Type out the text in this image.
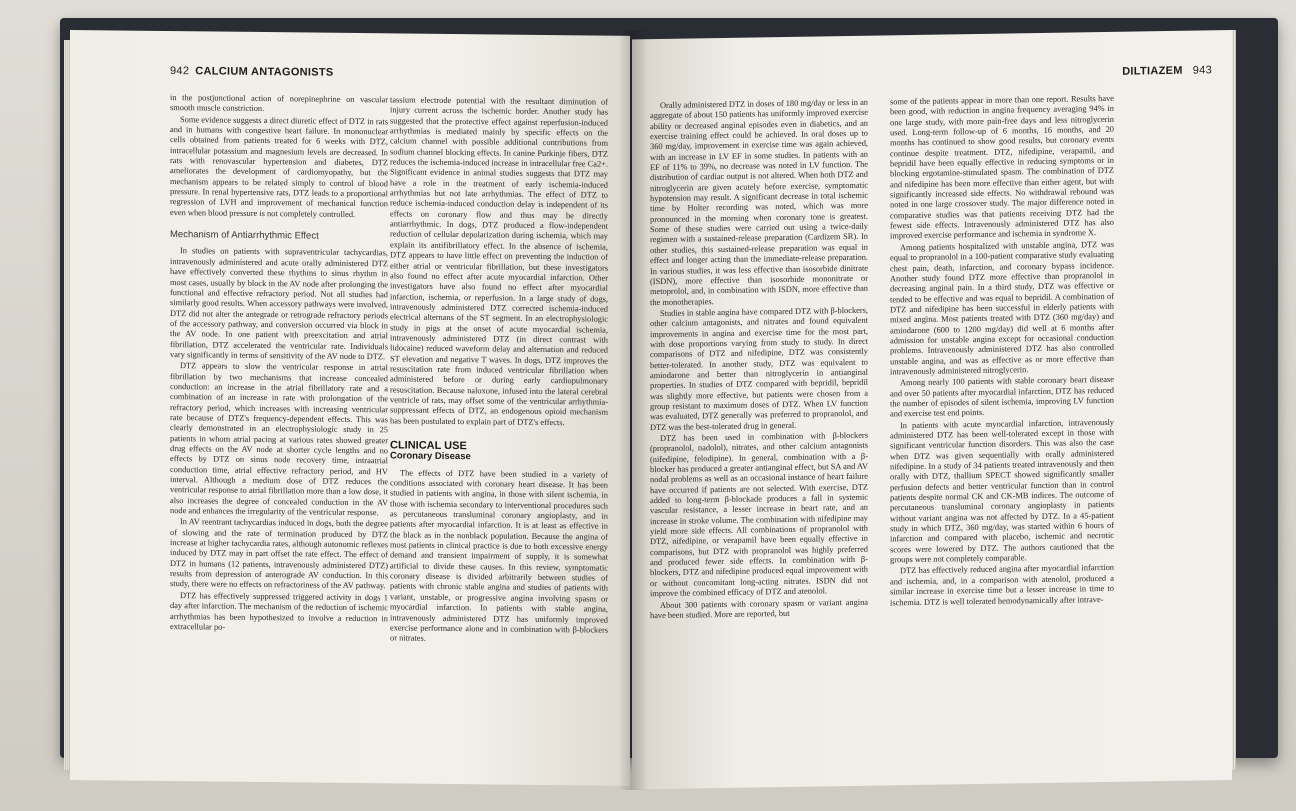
942 CALCIUM ANTAGONISTS

in the postjunctional action of norepinephrine on vascular smooth muscle constriction.

Some evidence suggests a direct diuretic effect of DTZ in rats and in humans with congestive heart failure. In mononuclear cells obtained from patients treated for 6 weeks with DTZ, intracellular potassium and magnesium levels are decreased. In rats with renovascular hypertension and diabetes, DTZ ameliorates the development of cardiomyopathy, but the mechanism appears to be related simply to control of blood pressure. In renal hypertensive rats, DTZ leads to a proportional regression of LVH and improvement of mechanical function even when blood pressure is not completely controlled.

Mechanism of Antiarrhythmic Effect

In studies on patients with supraventricular tachycardias, intravenously administered and acute orally administered DTZ have effectively converted these rhythms to sinus rhythm in most cases, usually by block in the AV node after prolonging the functional and effective refractory period. Not all studies had similarly good results. When accessory pathways were involved, DTZ did not alter the antegrade or retrograde refractory periods of the accessory pathway, and conversion occurred via block in the AV node. In one patient with preexcitation and atrial fibrillation, DTZ accelerated the ventricular rate. Individuals vary significantly in terms of sensitivity of the AV node to DTZ.

DTZ appears to slow the ventricular response in atrial fibrillation by two mechanisms that increase concealed conduction: an increase in the atrial fibrillatory rate and a combination of an increase in rate with prolongation of the refractory period, which increases with increasing ventricular rate because of DTZ's frequency-dependent effects. This was clearly demonstrated in an electrophysiologic study in 25 patients in whom atrial pacing at various rates showed greater drug effects on the AV node at shorter cycle lengths and no effects by DTZ on sinus node recovery time, intraatrial conduction time, atrial effective refractory period, and HV interval. Although a medium dose of DTZ reduces the ventricular response to atrial fibrillation more than a low dose, it also increases the degree of concealed conduction in the AV node and enhances the irregularity of the ventricular response.

In AV reentrant tachycardias induced in dogs, both the degree of slowing and the rate of termination produced by DTZ increase at higher tachycardia rates, although autonomic reflexes induced by DTZ may in part offset the rate effect. The effect of DTZ in humans (12 patients, intravenously administered DTZ) results from depression of anterograde AV conduction. In this study, there were no effects on refractoriness of the AV pathway.

DTZ has effectively suppressed triggered activity in dogs 1 day after infarction. The mechanism of the reduction of ischemic arrhythmias has been hypothesized to involve a reduction in extracellular po-

tassium electrode potential with the resultant diminution of injury current across the ischemic border. Another study has suggested that the protective effect against reperfusion-induced arrhythmias is mediated mainly by specific effects on the calcium channel with possible additional contributions from sodium channel blocking effects. In canine Purkinje fibers, DTZ reduces the ischemia-induced increase in intracellular free Ca2+. Significant evidence in animal studies suggests that DTZ may have a role in the treatment of early ischemia-induced arrhythmias but not late arrhythmias. The effect of DTZ to reduce ischemia-induced conduction delay is independent of its effects on coronary flow and thus may be directly antiarrhythmic. In dogs, DTZ produced a flow-independent reduction of cellular depolarization during ischemia, which may explain its antifibrillatory effect. In the absence of ischemia, DTZ appears to have little effect on preventing the induction of either atrial or ventricular fibrillation, but these investigators also found no effect after acute myocardial infarction. Other investigators have also found no effect after myocardial infarction, ischemia, or reperfusion. In a large study of dogs, intravenously administered DTZ corrected ischemia-induced electrical alternans of the ST segment. In an electrophysiologic study in pigs at the onset of acute myocardial ischemia, intravenously administered DTZ (in direct contrast with lidocaine) reduced waveform delay and alternation and reduced ST elevation and negative T waves. In dogs, DTZ improves the resuscitation rate from induced ventricular fibrillation when administered before or during early cardiopulmonary resuscitation. Because naloxone, infused into the lateral cerebral ventricle of rats, may offset some of the ventricular arrhythmia-suppressant effects of DTZ, an endogenous opioid mechanism has been postulated to explain part of DTZ's effects.

CLINICAL USE
Coronary Disease

The effects of DTZ have been studied in a variety of conditions associated with coronary heart disease. It has been studied in patients with angina, in those with silent ischemia, in those with ischemia secondary to interventional procedures such as percutaneous transluminal coronary angioplasty, and in patients after myocardial infarction. It is at least as effective in the black as in the nonblack population. Because the angina of most patients in clinical practice is due to both excessive energy demand and transient impairment of supply, it is somewhat artificial to divide these causes. In this review, symptomatic coronary disease is divided arbitrarily between studies of patients with chronic stable angina and studies of patients with variant, unstable, or progressive angina involving spasm or myocardial infarction. In patients with stable angina, intravenously administered DTZ has uniformly improved exercise performance alone and in combination with β-blockers or nitrates.

DILTIAZEM 943

Orally administered DTZ in doses of 180 mg/day or less in an aggregate of about 150 patients has uniformly improved exercise ability or decreased anginal episodes even in diabetics, and an exercise training effect could be achieved. In oral doses up to 360 mg/day, improvement in exercise time was again achieved, with an increase in LV EF in some studies. In patients with an EF of 11% to 39%, no decrease was noted in LV function. The distribution of cardiac output is not altered. When both DTZ and nitroglycerin are given acutely before exercise, symptomatic hypotension may result. A significant decrease in total ischemic time by Holter recording was noted, which was more pronounced in the morning when coronary tone is greatest. Some of these studies were carried out using a twice-daily regimen with a sustained-release preparation (Cardizem SR). In other studies, this sustained-release preparation was equal in effect and longer acting than the immediate-release preparation. In various studies, it was less effective than isosorbide dinitrate (ISDN), more effective than isosorbide mononitrate or metoprolol, and, in combination with ISDN, more effective than the monotherapies.

Studies in stable angina have compared DTZ with β-blockers, other calcium antagonists, and nitrates and found equivalent improvements in angina and exercise time for the most part, with dose proportions varying from study to study. In direct comparisons of DTZ and nifedipine, DTZ was consistently better-tolerated. In another study, DTZ was equivalent to amiodarone and better than nitroglycerin in antianginal properties. In studies of DTZ compared with bepridil, bepridil was slightly more effective, but patients were chosen from a group resistant to maximum doses of DTZ. When LV function was evaluated, DTZ generally was preferred to propranolol, and DTZ was the best-tolerated drug in general.

DTZ has been used in combination with β-blockers (propranolol, nadolol), nitrates, and other calcium antagonists (nifedipine, felodipine). In general, combination with a β-blocker has produced a greater antianginal effect, but SA and AV nodal problems as well as an occasional instance of heart failure have occurred if patients are not selected. With exercise, DTZ added to long-term β-blockade produces a fall in systemic vascular resistance, a lesser increase in heart rate, and an increase in stroke volume. The combination with nifedipine may yield more side effects. All combinations of propranolol with DTZ, nifedipine, or verapamil have been equally effective in comparisons, but DTZ with propranolol was highly preferred and produced fewer side effects. In combination with β-blockers, DTZ and nifedipine produced equal improvement with or without concomitant long-acting nitrates. ISDN did not improve the combined efficacy of DTZ and atenolol.

About 300 patients with coronary spasm or variant angina have been studied. More are reported, but

some of the patients appear in more than one report. Results have been good, with reduction in angina frequency averaging 94% in one large study, with more pain-free days and less nitroglycerin used. Long-term follow-up of 6 months, 16 months, and 20 months has continued to show good results, but coronary events continue despite treatment. DTZ, nifedipine, verapamil, and bepridil have been equally effective in reducing symptoms or in blocking ergotamine-stimulated spasm. The combination of DTZ and nifedipine has been more effective than either agent, but with significantly increased side effects. No withdrawal rebound was noted in one large crossover study. The major difference noted in comparative studies was that patients receiving DTZ had the fewest side effects. Intravenously administered DTZ has also improved exercise performance and ischemia in syndrome X.

Among patients hospitalized with unstable angina, DTZ was equal to propranolol in a 100-patient comparative study evaluating chest pain, death, infarction, and coronary bypass incidence. Another study found DTZ more effective than propranolol in decreasing anginal pain. In a third study, DTZ was effective or tended to be effective and was equal to bepridil. A combination of DTZ and nifedipine has been successful in elderly patients with mixed angina. Most patients treated with DTZ (360 mg/day) and amiodarone (600 to 1200 mg/day) did well at 6 months after admission for unstable angina except for occasional conduction problems. Intravenously administered DTZ has also controlled unstable angina, and was as effective as or more effective than intravenously administered nitroglycerin.

Among nearly 100 patients with stable coronary heart disease and over 50 patients after myocardial infarction, DTZ has reduced the number of episodes of silent ischemia, improving LV function and exercise test end points.

In patients with acute myocardial infarction, intravenously administered DTZ has been well-tolerated except in those with significant ventricular function disorders. This was also the case when DTZ was given sequentially with orally administered nifedipine. In a study of 34 patients treated intravenously and then orally with DTZ, thallium SPECT showed significantly smaller perfusion defects and better ventricular function than in control patients despite normal CK and CK-MB indices. The outcome of percutaneous transluminal coronary angioplasty in patients without variant angina was not affected by DTZ. In a 45-patient study in which DTZ, 360 mg/day, was started within 6 hours of infarction and compared with placebo, ischemic and necrotic scores were lowered by DTZ. The authors cautioned that the groups were not completely comparable.

DTZ has effectively reduced angina after myocardial infarction and ischemia, and, in a comparison with atenolol, produced a similar increase in exercise time but a lesser increase in time to ischemia. DTZ is well tolerated hemodynamically after intrave-
